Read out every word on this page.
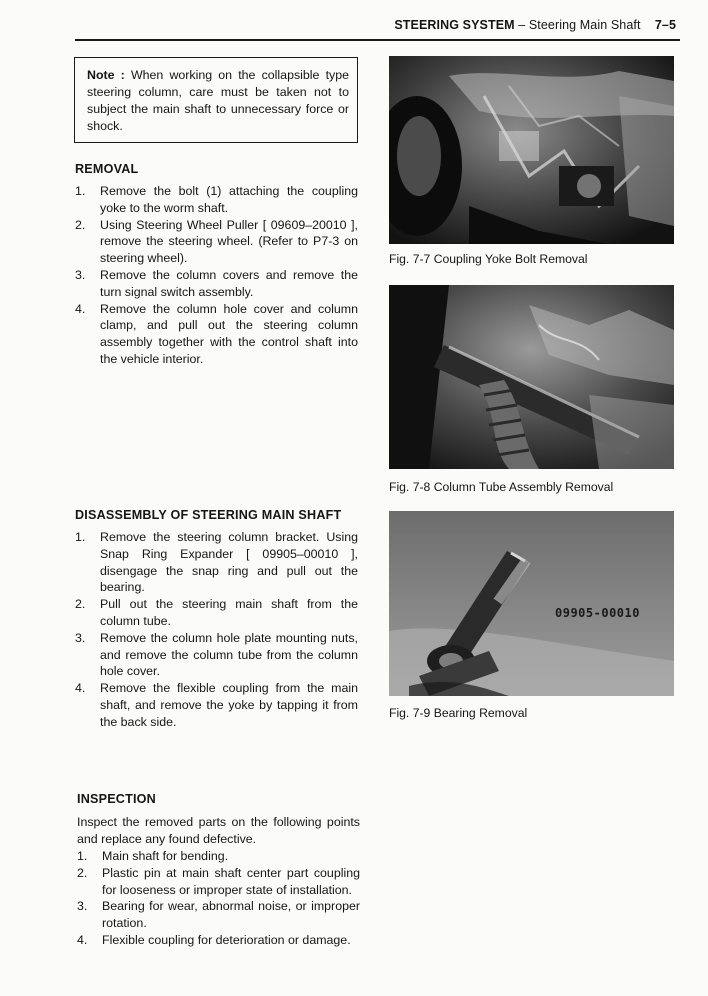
STEERING SYSTEM – Steering Main Shaft 7–5
Note : When working on the collapsible type steering column, care must be taken not to subject the main shaft to unnecessary force or shock.
REMOVAL
1.	Remove the bolt (1) attaching the coupling yoke to the worm shaft.
2.	Using Steering Wheel Puller [ 09609–20010 ], remove the steering wheel. (Refer to P7-3 on steering wheel).
3.	Remove the column covers and remove the turn signal switch assembly.
4.	Remove the column hole cover and column clamp, and pull out the steering column assembly together with the control shaft into the vehicle interior.
DISASSEMBLY OF STEERING MAIN SHAFT
1.	Remove the steering column bracket. Using Snap Ring Expander [ 09905–00010 ], disengage the snap ring and pull out the bearing.
2.	Pull out the steering main shaft from the column tube.
3.	Remove the column hole plate mounting nuts, and remove the column tube from the column hole cover.
4.	Remove the flexible coupling from the main shaft, and remove the yoke by tapping it from the back side.
INSPECTION
Inspect the removed parts on the following points and replace any found defective.
1.	Main shaft for bending.
2.	Plastic pin at main shaft center part coupling for looseness or improper state of installation.
3.	Bearing for wear, abnormal noise, or improper rotation.
4.	Flexible coupling for deterioration or damage.
Fig. 7-7 Coupling Yoke Bolt Removal
Fig. 7-8 Column Tube Assembly Removal
09905-00010
Fig. 7-9 Bearing Removal
